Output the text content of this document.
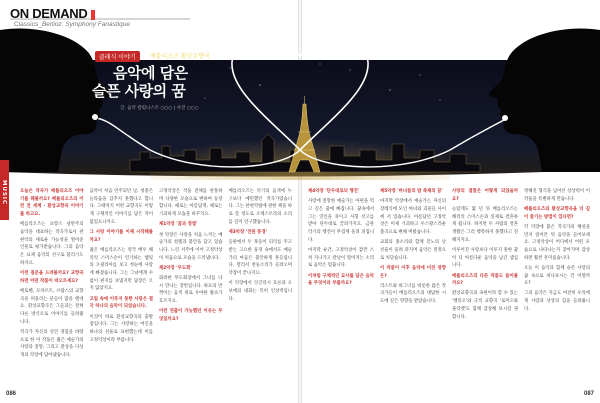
ON DEMAND
Classics_Berlioz: Symphony Fanastique
클래식 이야기	베를리오즈 환상교향곡
음악에 담은
슬픈 사랑의 꿈
글. 음악 칼럼니스트 ○○○ | 사진 ○○○
MUSIC	오늘은 작곡가 베를리오즈 이야기를 해볼까요? 베를리오즈의 이런 전 세계 · 환상교향곡 이야기를 하고요.

베를리오즈는 프랑스 낭만주의 음악을 대표하는 작곡가로서 관현악의 새로운 가능성을 열어준 인물로 평가받습니다. 그의 음악은 표제 음악의 선구로 불리기도 하지요.

이런 질문을 드려볼까요? 교향곡 하면 어떤 작품이 떠오르세요?

베토벤, 모차르트, 브람스의 교향곡을 떠올리는 분들이 많을 텐데요. 환상교향곡은 그들과는 전혀 다른 방식으로 이야기를 들려줍니다.

작곡가 자신의 실연 경험을 바탕으로 한 이 작품은 젊은 예술가의 사랑과 절망, 그리고 환상을 다섯 개의 악장에 담아냈습니다.

음악이 처음 연주되던 날, 청중은 놀라움을 감추지 못했다고 합니다. 그때까지 어떤 교향곡도 이렇게 구체적인 이야기를 담은 적이 없었으니까요.

그 사랑 이야기를 이제 시작해볼까요?

젊은 베를리오즈는 영국 배우 해리엇 스미스슨이 연기하는 햄릿의 오필리아를 보고 첫눈에 사랑에 빠졌습니다. 그는 그녀에게 수없이 편지를 보냈지만 답장은 오지 않았지요.

고립 속에 이루지 못한 사랑은 결국 하나의 음악이 되었습니다.

이것이 바로 환상교향곡의 출발점입니다. 그는 사랑하는 여인을 하나의 선율로 표현했는데 이를 고정악상이라 부릅니다.

고정악상은 작품 전체를 관통하며 다양한 모습으로 변하여 등장합니다. 때로는 아름답게, 때로는 기괴하게 모습을 바꾸지요.

제1악장 '꿈과 정열'

첫 악장은 사랑을 처음 느끼는 예술가의 설렘과 불안을 담고 있습니다. 느린 서주에 이어 고정악상이 처음으로 모습을 드러냅니다.

제2악장 '무도회'

화려한 무도회장에서 그녀를 다시 만나는 장면입니다. 하프의 반짝이는 음색 위로 우아한 왈츠가 흐르지요.

이런 연출이 가능했던 이유는 무엇일까요?

베를리오즈는 악기의 음색에 누구보다 예민했던 작곡가였습니다. 그는 관현악법에 관한 책을 따로 쓸 정도로 오케스트라의 소리를 깊이 연구했습니다.

제3악장 '전원 풍경'

들판에서 두 목동이 피리를 주고받는 고요한 풍경 속에서도 예술가의 마음은 불안하게 흔들립니다. 멀리서 천둥소리가 들려오며 악장이 끝나지요.

이 악장에서 잉글리시 호른과 오보에의 대화는 특히 인상적입니다.

제4악장 '단두대로의 행진'

사랑에 절망한 예술가는 아편을 먹고 깊은 꿈에 빠집니다. 꿈속에서 그는 연인을 죽이고 사형 선고를 받아 단두대로 끌려가지요. 금관 악기의 행진이 무겁게 울려 퍼집니다.

마지막 순간, 고정악상이 잠깐 스쳐 지나가고 칼날이 떨어지는 소리로 음악은 멈춥니다.

이처럼 구체적인 묘사를 담은 음악을 무엇이라 부를까요?

제5악장 '마녀들의 밤 축제의 꿈'

마지막 악장에서 예술가는 자신의 장례식에 모인 마녀와 괴물들 사이에 서 있습니다. 아름답던 고정악상은 이제 기괴하고 우스꽝스러운 춤곡으로 변해 버렸습니다.

교회의 종소리와 함께 진노의 날 선율이 울려 퍼지며 음악은 절정으로 치닫습니다.

이 작품이 이후 음악에 미친 영향은?

리스트와 바그너를 비롯한 많은 작곡가들이 베를리오즈의 대담한 시도에 깊은 영향을 받았습니다.

사랑의 결말은 어떻게 되었을까요?

놀랍게도 몇 년 뒤 베를리오즈는 해리엇 스미스슨과 실제로 결혼하게 됩니다. 하지만 두 사람의 결혼 생활은 그리 행복하지 못했다고 전해지지요.

이루어진 사랑보다 이루지 못한 꿈이 더 아름다운 음악을 남긴 셈입니다.

베를리오즈의 다른 작품도 들어볼까요?

환상교향곡의 속편이라 할 수 있는 '렐리오'와 극적 교향곡 '로미오와 줄리엣'도 함께 감상해 보시길 권합니다.

정해진 형식을 넘어선 상상력이 이 작품을 특별하게 만듭니다.

베를리오즈와 환상교향곡을 더 깊이 즐기는 방법이 있다면?

각 악장에 붙은 작곡가의 해설을 먼저 읽어본 뒤 음악을 들어보세요. 고정악상이 어디에서 어떤 모습으로 나타나는지 찾아가며 감상하면 훨씬 흥미롭습니다.

오늘 이 음악과 함께 슬픈 사랑의 꿈 속으로 떠나보시는 건 어떨까요?

그의 음악은 지금도 여전히 우리에게 사랑과 상상의 힘을 들려줍니다.

086	087
